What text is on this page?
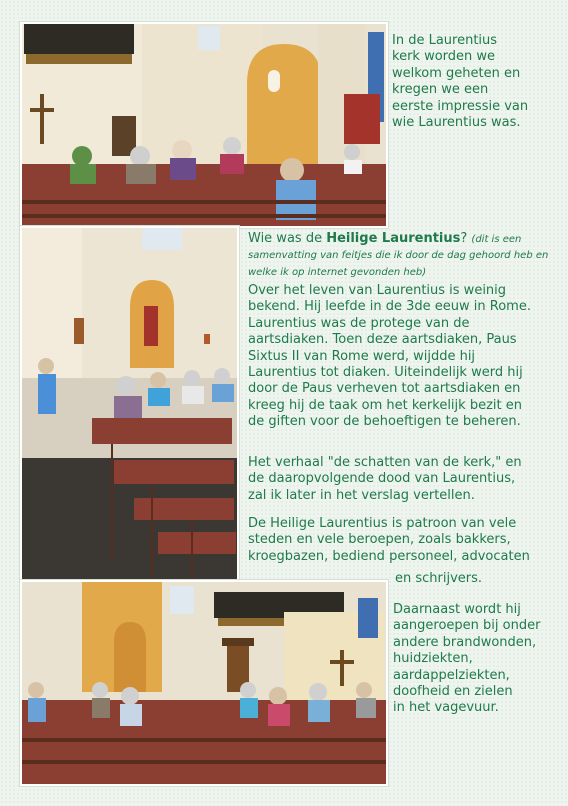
In de Laurentius

kerk worden we

welkom geheten en

kregen we een

eerste impressie van

wie Laurentius was.

Wie was de Heilige Laurentius? (dit is een samenvatting van feitjes die ik door de dag gehoord heb en welke ik op internet gevonden heb)

Over het leven van Laurentius is weinig

bekend. Hij leefde in de 3de eeuw in Rome.

Laurentius was de protege van de

aartsdiaken. Toen deze aartsdiaken, Paus

Sixtus II van Rome werd, wijdde hij

Laurentius tot diaken. Uiteindelijk werd hij

door de Paus verheven tot aartsdiaken en

kreeg hij de taak om het kerkelijk bezit en

de giften voor de behoeftigen te beheren.

Het verhaal "de schatten van de kerk," en

de daaropvolgende dood van Laurentius,

zal ik later in het verslag vertellen.

De Heilige Laurentius is patroon van vele

steden en vele beroepen, zoals bakkers,

kroegbazen, bediend personeel, advocaten

en schrijvers.

Daarnaast wordt hij

aangeroepen bij onder

andere brandwonden,

huidziekten,

aardappelziekten,

doofheid en zielen

in het vagevuur.
